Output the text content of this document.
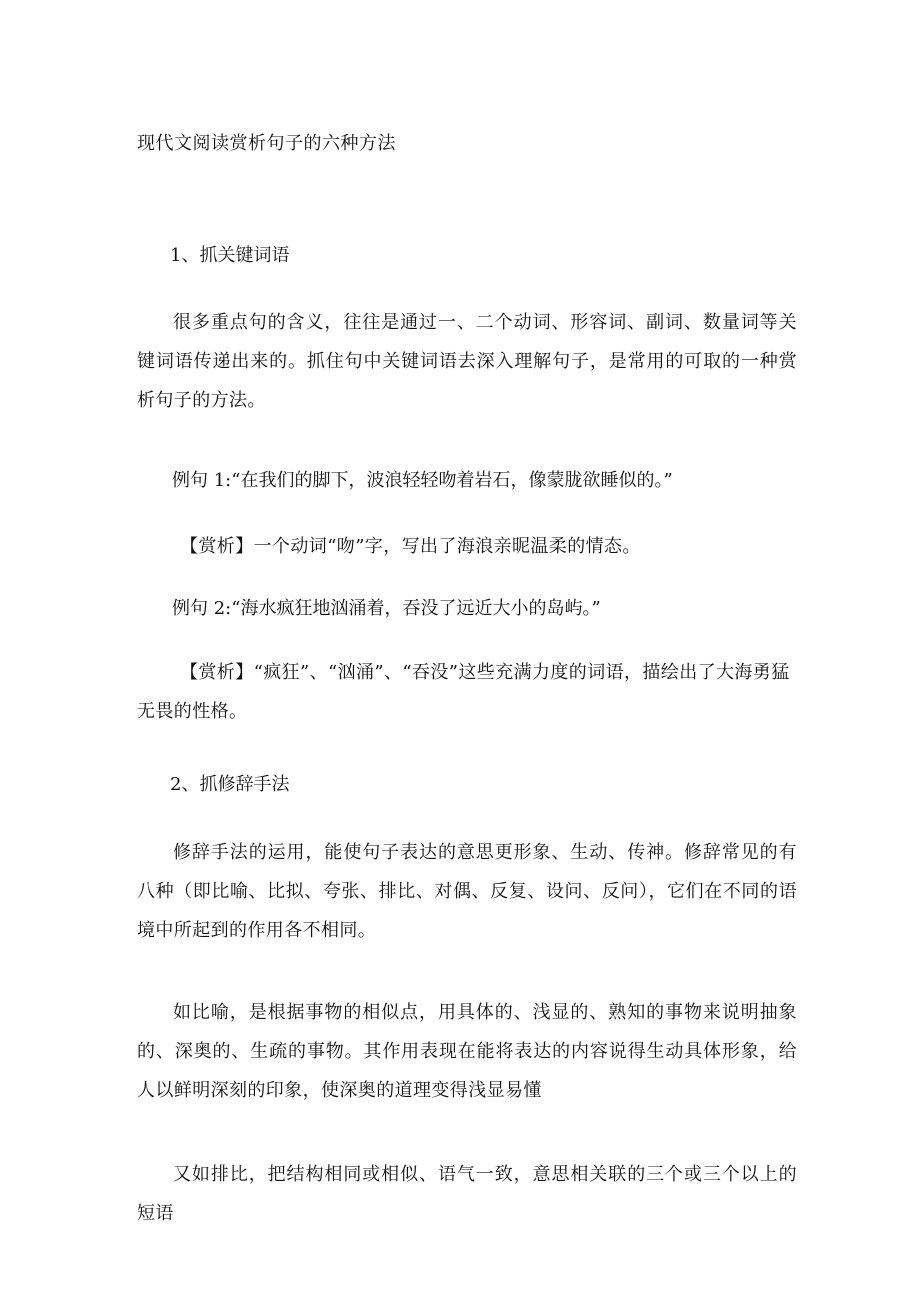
现代文阅读赏析句子的六种方法
1、抓关键词语
很多重点句的含义，往往是通过一、二个动词、形容词、副词、数量词等关键词语传递出来的。抓住句中关键词语去深入理解句子，是常用的可取的一种赏析句子的方法。
例句 1:“在我们的脚下，波浪轻轻吻着岩石，像蒙胧欲睡似的。”
【赏析】一个动词“吻”字，写出了海浪亲昵温柔的情态。
例句 2:“海水疯狂地汹涌着，吞没了远近大小的岛屿。”
【赏析】“疯狂”、“汹涌”、“吞没”这些充满力度的词语，描绘出了大海勇猛无畏的性格。
2、抓修辞手法
修辞手法的运用，能使句子表达的意思更形象、生动、传神。修辞常见的有八种（即比喻、比拟、夸张、排比、对偶、反复、设问、反问），它们在不同的语境中所起到的作用各不相同。
如比喻，是根据事物的相似点，用具体的、浅显的、熟知的事物来说明抽象的、深奥的、生疏的事物。其作用表现在能将表达的内容说得生动具体形象，给人以鲜明深刻的印象，使深奥的道理变得浅显易懂
又如排比，把结构相同或相似、语气一致，意思相关联的三个或三个以上的短语
